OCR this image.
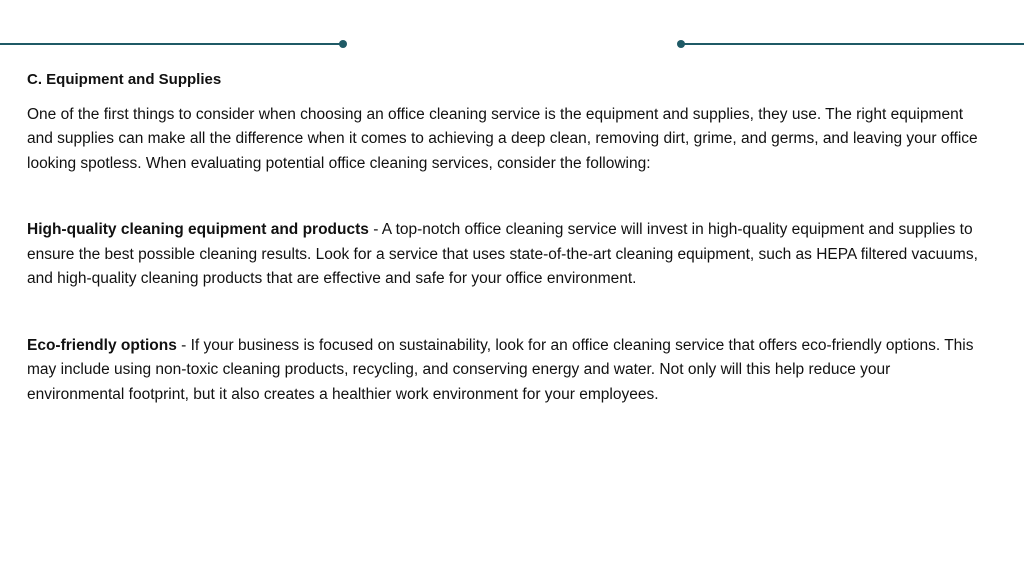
C. Equipment and Supplies

One of the first things to consider when choosing an office cleaning service is the equipment and supplies, they use. The right equipment and supplies can make all the difference when it comes to achieving a deep clean, removing dirt, grime, and germs, and leaving your office looking spotless. When evaluating potential office cleaning services, consider the following:

High-quality cleaning equipment and products - A top-notch office cleaning service will invest in high-quality equipment and supplies to ensure the best possible cleaning results. Look for a service that uses state-of-the-art cleaning equipment, such as HEPA filtered vacuums, and high-quality cleaning products that are effective and safe for your office environment.

Eco-friendly options - If your business is focused on sustainability, look for an office cleaning service that offers eco-friendly options. This may include using non-toxic cleaning products, recycling, and conserving energy and water. Not only will this help reduce your environmental footprint, but it also creates a healthier work environment for your employees.
